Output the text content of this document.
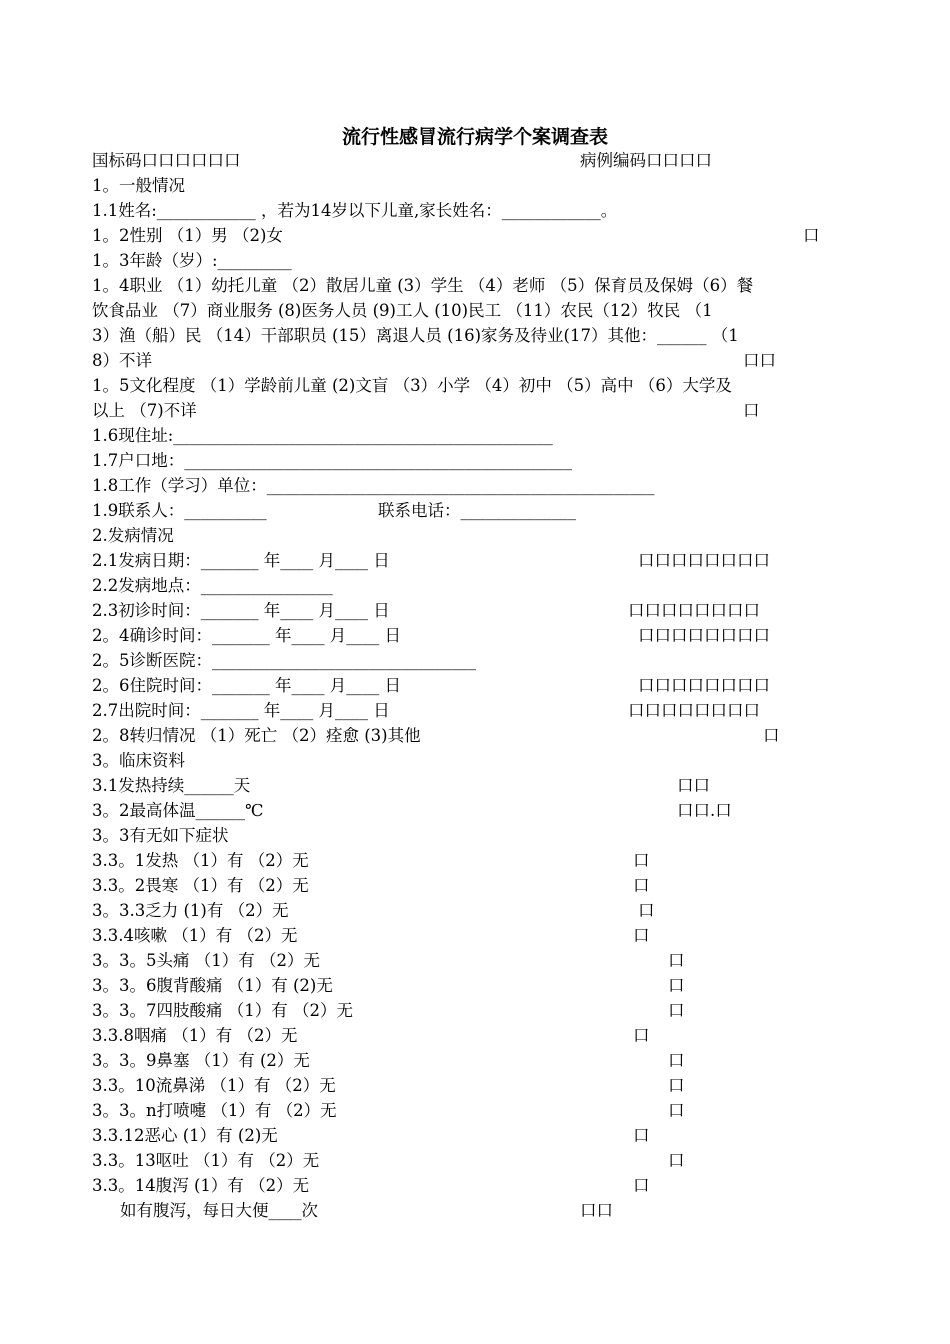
流行性感冒流行病学个案调查表
国标码口口口口口口	病例编码口口口口
1。一般情况
1.1姓名:____________ ，若为14岁以下儿童,家长姓名：____________。
1。2性别 （1）男 （2)女	口
1。3年龄（岁）:_________
1。4职业 （1）幼托儿童 （2）散居儿童 (3）学生 （4）老师 （5）保育员及保姆（6）餐
饮食品业 （7）商业服务 (8)医务人员 (9)工人 (10)民工 （11）农民（12）牧民 （1
3）渔（船）民 （14）干部职员 (15）离退人员 (16)家务及待业(17）其他：______ （1
8）不详	口口
1。5文化程度 （1）学龄前儿童 (2)文盲 （3）小学 （4）初中 （5）高中 （6）大学及
以上 （7)不详	口
1.6现住址:______________________________________________
1.7户口地：_______________________________________________
1.8工作（学习）单位：_______________________________________________
1.9联系人：__________	联系电话：______________
2.发病情况
2.1发病日期：_______ 年____ 月____ 日	口口口口口口口口
2.2发病地点：________________
2.3初诊时间：_______ 年____ 月____ 日	口口口口口口口口
2。4确诊时间：_______ 年____ 月____ 日	口口口口口口口口
2。5诊断医院：________________________________
2。6住院时间：_______ 年____ 月____ 日	口口口口口口口口
2.7出院时间：_______ 年____ 月____ 日	口口口口口口口口
2。8转归情况 （1）死亡 （2）痊愈 (3)其他	口
3。临床资料
3.1发热持续______天	口口
3。2最高体温______℃	口口.口
3。3有无如下症状
3.3。1发热 （1）有 （2）无	口
3.3。2畏寒 （1）有 （2）无	口
3。3.3乏力 (1)有 （2）无	口
3.3.4咳嗽 （1）有 （2）无	口
3。3。5头痛 （1）有 （2）无	口
3。3。6腹背酸痛 （1）有 (2)无	口
3。3。7四肢酸痛 （1）有 （2）无	口
3.3.8咽痛 （1）有 （2）无	口
3。3。9鼻塞 （1）有 (2）无	口
3.3。10流鼻涕 （1）有 （2）无	口
3。3。n打喷嚏 （1）有 （2）无	口
3.3.12恶心 (1）有 (2)无	口
3.3。13呕吐 （1）有 （2）无	口
3.3。14腹泻 (1）有 （2）无	口
如有腹泻，每日大便____次	口口
